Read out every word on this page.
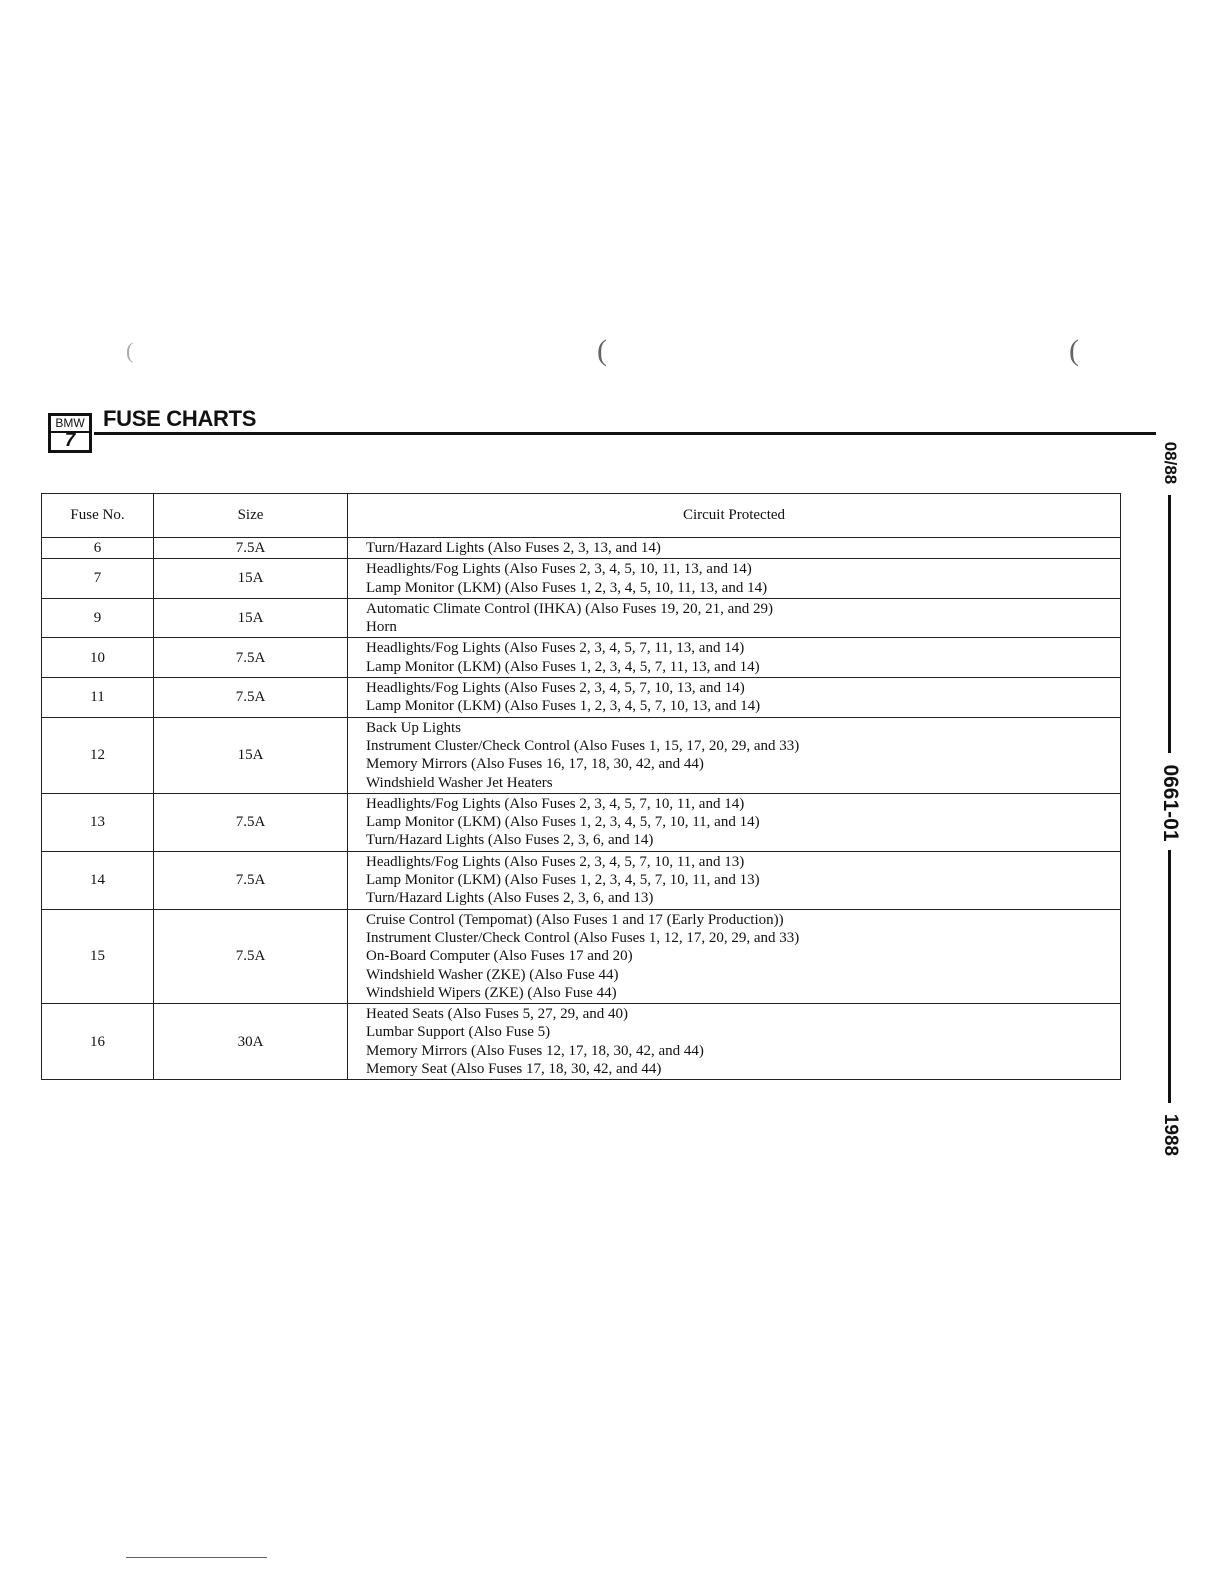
(	(	(
BMW
7
FUSE CHARTS
08/88
0661-01
1988
Fuse No.	Size	Circuit Protected
6	7.5A	Turn/Hazard Lights (Also Fuses 2, 3, 13, and 14)

7	15A	Headlights/Fog Lights (Also Fuses 2, 3, 4, 5, 10, 11, 13, and 14)
Lamp Monitor (LKM) (Also Fuses 1, 2, 3, 4, 5, 10, 11, 13, and 14)

9	15A	Automatic Climate Control (IHKA) (Also Fuses 19, 20, 21, and 29)
Horn

10	7.5A	Headlights/Fog Lights (Also Fuses 2, 3, 4, 5, 7, 11, 13, and 14)
Lamp Monitor (LKM) (Also Fuses 1, 2, 3, 4, 5, 7, 11, 13, and 14)

11	7.5A	Headlights/Fog Lights (Also Fuses 2, 3, 4, 5, 7, 10, 13, and 14)
Lamp Monitor (LKM) (Also Fuses 1, 2, 3, 4, 5, 7, 10, 13, and 14)

12	15A	Back Up Lights
Instrument Cluster/Check Control (Also Fuses 1, 15, 17, 20, 29, and 33)
Memory Mirrors (Also Fuses 16, 17, 18, 30, 42, and 44)
Windshield Washer Jet Heaters

13	7.5A	Headlights/Fog Lights (Also Fuses 2, 3, 4, 5, 7, 10, 11, and 14)
Lamp Monitor (LKM) (Also Fuses 1, 2, 3, 4, 5, 7, 10, 11, and 14)
Turn/Hazard Lights (Also Fuses 2, 3, 6, and 14)

14	7.5A	Headlights/Fog Lights (Also Fuses 2, 3, 4, 5, 7, 10, 11, and 13)
Lamp Monitor (LKM) (Also Fuses 1, 2, 3, 4, 5, 7, 10, 11, and 13)
Turn/Hazard Lights (Also Fuses 2, 3, 6, and 13)

15	7.5A	Cruise Control (Tempomat) (Also Fuses 1 and 17 (Early Production))
Instrument Cluster/Check Control (Also Fuses 1, 12, 17, 20, 29, and 33)
On-Board Computer (Also Fuses 17 and 20)
Windshield Washer (ZKE) (Also Fuse 44)
Windshield Wipers (ZKE) (Also Fuse 44)

16	30A	Heated Seats (Also Fuses 5, 27, 29, and 40)
Lumbar Support (Also Fuse 5)
Memory Mirrors (Also Fuses 12, 17, 18, 30, 42, and 44)
Memory Seat (Also Fuses 17, 18, 30, 42, and 44)
